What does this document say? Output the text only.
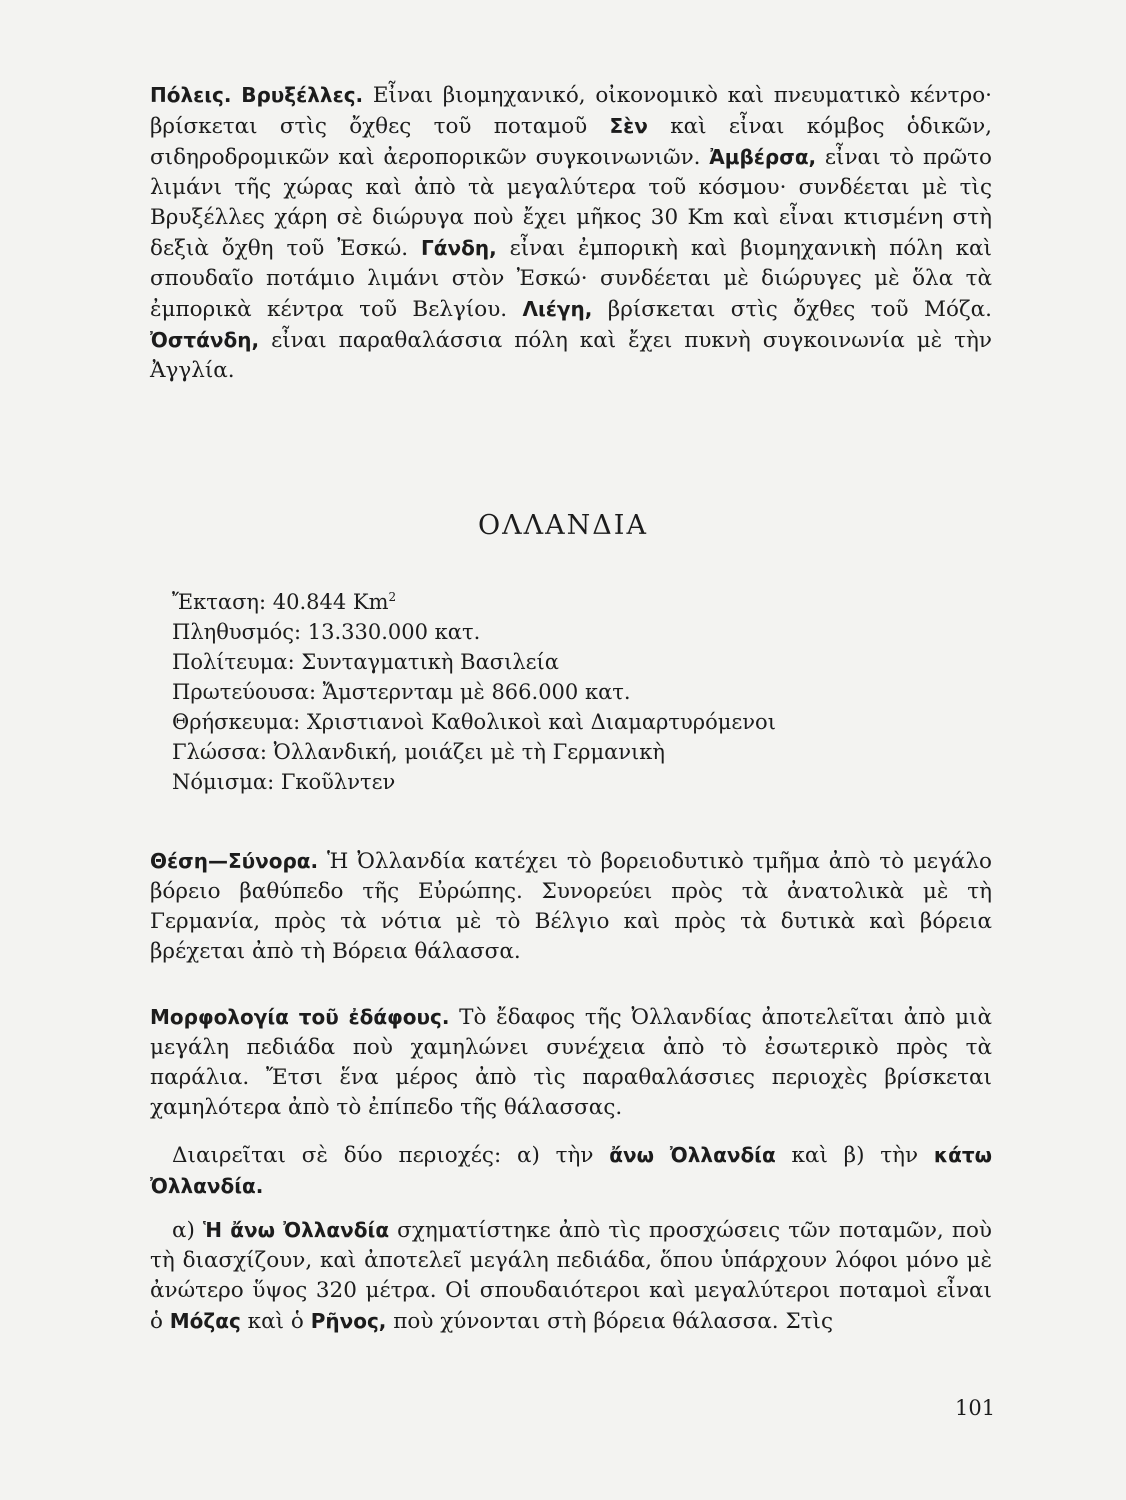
Πόλεις. Βρυξέλλες. Εἶναι βιομηχανικό, οἰκονομικὸ καὶ πνευματικὸ κέντρο· βρίσκεται στὶς ὄχθες τοῦ ποταμοῦ Σὲν καὶ εἶναι κόμβος ὁδικῶν, σιδηροδρομικῶν καὶ ἀεροπορικῶν συγκοινωνιῶν. Ἀμβέρσα, εἶναι τὸ πρῶτο λιμάνι τῆς χώρας καὶ ἀπὸ τὰ μεγαλύτερα τοῦ κόσμου· συνδέεται μὲ τὶς Βρυξέλλες χάρη σὲ διώρυγα ποὺ ἔχει μῆκος 30 Km καὶ εἶναι κτισμένη στὴ δεξιὰ ὄχθη τοῦ Ἐσκώ. Γάνδη, εἶναι ἐμπορικὴ καὶ βιομηχανικὴ πόλη καὶ σπουδαῖο ποτάμιο λιμάνι στὸν Ἐσκώ· συνδέεται μὲ διώρυγες μὲ ὅλα τὰ ἐμπορικὰ κέντρα τοῦ Βελγίου. Λιέγη, βρίσκεται στὶς ὄχθες τοῦ Μόζα. Ὀστάνδη, εἶναι παραθαλάσσια πόλη καὶ ἔχει πυκνὴ συγκοινωνία μὲ τὴν Ἀγγλία.
ΟΛΛΑΝΔΙΑ
Ἔκταση: 40.844 Km$^2$
Πληθυσμός: 13.330.000 κατ.
Πολίτευμα: Συνταγματικὴ Βασιλεία
Πρωτεύουσα: Ἄμστερνταμ μὲ 866.000 κατ.
Θρήσκευμα: Χριστιανοὶ Καθολικοὶ καὶ Διαμαρτυρόμενοι
Γλώσσα: Ὀλλανδική, μοιάζει μὲ τὴ Γερμανικὴ
Νόμισμα: Γκοῦλντεν
Θέση—Σύνορα. Ἡ Ὀλλανδία κατέχει τὸ βορειοδυτικὸ τμῆμα ἀπὸ τὸ μεγάλο βόρειο βαθύπεδο τῆς Εὐρώπης. Συνορεύει πρὸς τὰ ἀνατολικὰ μὲ τὴ Γερμανία, πρὸς τὰ νότια μὲ τὸ Βέλγιο καὶ πρὸς τὰ δυτικὰ καὶ βόρεια βρέχεται ἀπὸ τὴ Βόρεια θάλασσα.
Μορφολογία τοῦ ἐδάφους. Τὸ ἔδαφος τῆς Ὀλλανδίας ἀποτελεῖται ἀπὸ μιὰ μεγάλη πεδιάδα ποὺ χαμηλώνει συνέχεια ἀπὸ τὸ ἐσωτερικὸ πρὸς τὰ παράλια. Ἔτσι ἕνα μέρος ἀπὸ τὶς παραθαλάσσιες περιοχὲς βρίσκεται χαμηλότερα ἀπὸ τὸ ἐπίπεδο τῆς θάλασσας.
Διαιρεῖται σὲ δύο περιοχές: α) τὴν ἄνω Ὀλλανδία καὶ β) τὴν κάτω Ὀλλανδία.
α) Ἡ ἄνω Ὀλλανδία σχηματίστηκε ἀπὸ τὶς προσχώσεις τῶν ποταμῶν, ποὺ τὴ διασχίζουν, καὶ ἀποτελεῖ μεγάλη πεδιάδα, ὅπου ὑπάρχουν λόφοι μόνο μὲ ἀνώτερο ὕψος 320 μέτρα. Οἱ σπουδαιότεροι καὶ μεγαλύτεροι ποταμοὶ εἶναι ὁ Μόζας καὶ ὁ Ρῆνος, ποὺ χύνονται στὴ βόρεια θάλασσα. Στὶς
101
